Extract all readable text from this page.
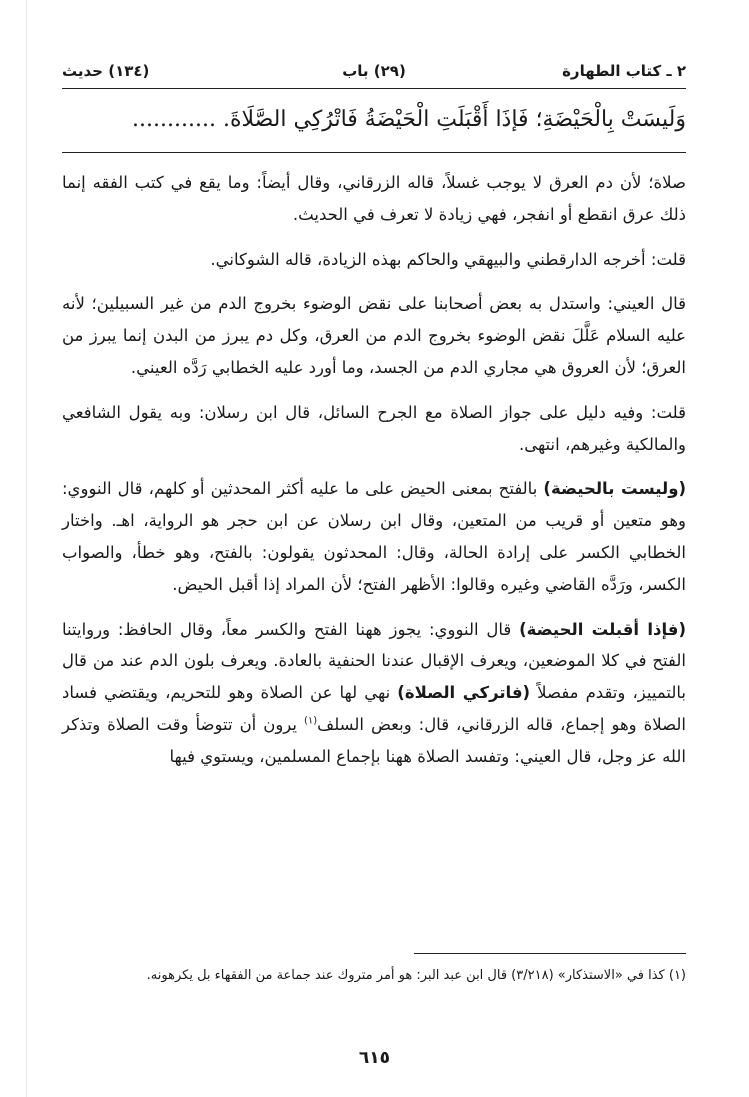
٢ ـ كتاب الطهارة
(٢٩) باب
(١٣٤) حديث
وَلَيسَتْ بِالْحَيْضَةِ؛ فَإذَا أَقْبَلَتِ الْحَيْضَةُ فَاتْرُكِي الصَّلَاةَ. ............

صلاة؛ لأن دم العرق لا يوجب غسلاً، قاله الزرقاني، وقال أيضاً: وما يقع في كتب الفقه إنما ذلك عرق انقطع أو انفجر، فهي زيادة لا تعرف في الحديث.

قلت: أخرجه الدارقطني والبيهقي والحاكم بهذه الزيادة، قاله الشوكاني.

قال العيني: واستدل به بعض أصحابنا على نقض الوضوء بخروج الدم من غير السبيلين؛ لأنه عليه السلام عَلَّلَ نقض الوضوء بخروج الدم من العرق، وكل دم يبرز من البدن إنما يبرز من العرق؛ لأن العروق هي مجاري الدم من الجسد، وما أورد عليه الخطابي رَدَّه العيني.

قلت: وفيه دليل على جواز الصلاة مع الجرح السائل، قال ابن رسلان: وبه يقول الشافعي والمالكية وغيرهم، انتهى.

(وليست بالحيضة) بالفتح بمعنى الحيض على ما عليه أكثر المحدثين أو كلهم، قال النووي: وهو متعين أو قريب من المتعين، وقال ابن رسلان عن ابن حجر هو الرواية، اهـ. واختار الخطابي الكسر على إرادة الحالة، وقال: المحدثون يقولون: بالفتح، وهو خطأ، والصواب الكسر، ورَدَّه القاضي وغيره وقالوا: الأظهر الفتح؛ لأن المراد إذا أقبل الحيض.

(فإذا أقبلت الحيضة) قال النووي: يجوز ههنا الفتح والكسر معاً، وقال الحافظ: وروايتنا الفتح في كلا الموضعين، ويعرف الإقبال عندنا الحنفية بالعادة. ويعرف بلون الدم عند من قال بالتمييز، وتقدم مفصلاً (فاتركي الصلاة) نهي لها عن الصلاة وهو للتحريم، ويقتضي فساد الصلاة وهو إجماع، قاله الزرقاني، قال: وبعض السلف$^{(١)}$ يرون أن تتوضأ وقت الصلاة وتذكر الله عز وجل، قال العيني: وتفسد الصلاة ههنا بإجماع المسلمين، ويستوي فيها

(١) كذا في «الاستذكار» (٣/٢١٨) قال ابن عبد البر: هو أمر متروك عند جماعة من الفقهاء بل يكرهونه.
٦١٥
